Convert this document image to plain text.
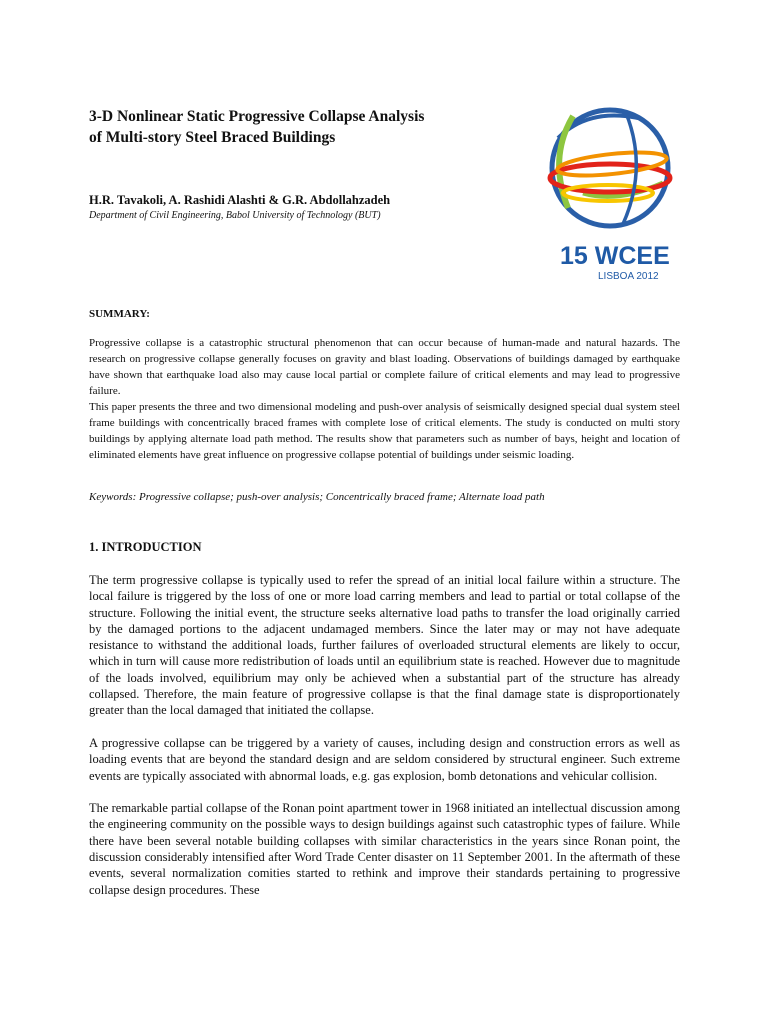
3-D Nonlinear Static Progressive Collapse Analysis
of Multi-story Steel Braced Buildings
H.R. Tavakoli, A. Rashidi Alashti & G.R. Abdollahzadeh
Department of Civil Engineering, Babol University of Technology (BUT)
15 WCEE
LISBOA 2012
SUMMARY:

Progressive collapse is a catastrophic structural phenomenon that can occur because of human-made and natural hazards. The research on progressive collapse generally focuses on gravity and blast loading. Observations of buildings damaged by earthquake have shown that earthquake load also may cause local partial or complete failure of critical elements and may lead to progressive failure.

This paper presents the three and two dimensional modeling and push-over analysis of seismically designed special dual system steel frame buildings with concentrically braced frames with complete lose of critical elements. The study is conducted on multi story buildings by applying alternate load path method. The results show that parameters such as number of bays, height and location of eliminated elements have great influence on progressive collapse potential of buildings under seismic loading.

Keywords: Progressive collapse; push-over analysis; Concentrically braced frame; Alternate load path
1. INTRODUCTION

The term progressive collapse is typically used to refer the spread of an initial local failure within a structure. The local failure is triggered by the loss of one or more load carring members and lead to partial or total collapse of the structure. Following the initial event, the structure seeks alternative load paths to transfer the load originally carried by the damaged portions to the adjacent undamaged members. Since the later may or may not have adequate resistance to withstand the additional loads, further failures of overloaded structural elements are likely to occur, which in turn will cause more redistribution of loads until an equilibrium state is reached. However due to magnitude of the loads involved, equilibrium may only be achieved when a substantial part of the structure has already collapsed. Therefore, the main feature of progressive collapse is that the final damage state is disproportionately greater than the local damaged that initiated the collapse.

A progressive collapse can be triggered by a variety of causes, including design and construction errors as well as loading events that are beyond the standard design and are seldom considered by structural engineer. Such extreme events are typically associated with abnormal loads, e.g. gas explosion, bomb detonations and vehicular collision.

The remarkable partial collapse of the Ronan point apartment tower in 1968 initiated an intellectual discussion among the engineering community on the possible ways to design buildings against such catastrophic types of failure. While there have been several notable building collapses with similar characteristics in the years since Ronan point, the discussion considerably intensified after Word Trade Center disaster on 11 September 2001. In the aftermath of these events, several normalization comities started to rethink and improve their standards pertaining to progressive collapse design procedures. These
